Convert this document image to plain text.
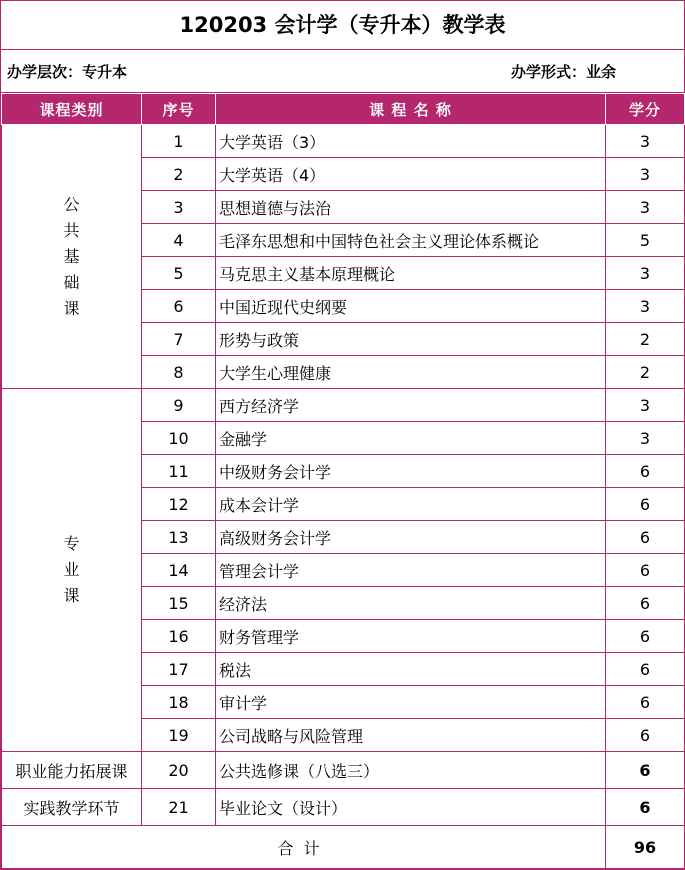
120203 会计学（专升本）教学表
办学层次：专升本	办学形式：业余
课程类别	序号	课 程 名 称	学分

公
共
基
础
课	1	大学英语（3）	3
	2	大学英语（4）	3
	3	思想道德与法治	3
	4	毛泽东思想和中国特色社会主义理论体系概论	5
	5	马克思主义基本原理概论	3
	6	中国近现代史纲要	3
	7	形势与政策	2
	8	大学生心理健康	2

专
业
课	9	西方经济学	3
	10	金融学	3
	11	中级财务会计学	6
	12	成本会计学	6
	13	高级财务会计学	6
	14	管理会计学	6
	15	经济法	6
	16	财务管理学	6
	17	税法	6
	18	审计学	6
	19	公司战略与风险管理	6
职业能力拓展课	20	公共选修课（八选三）	6
实践教学环节	21	毕业论文（设计）	6
合计			96
